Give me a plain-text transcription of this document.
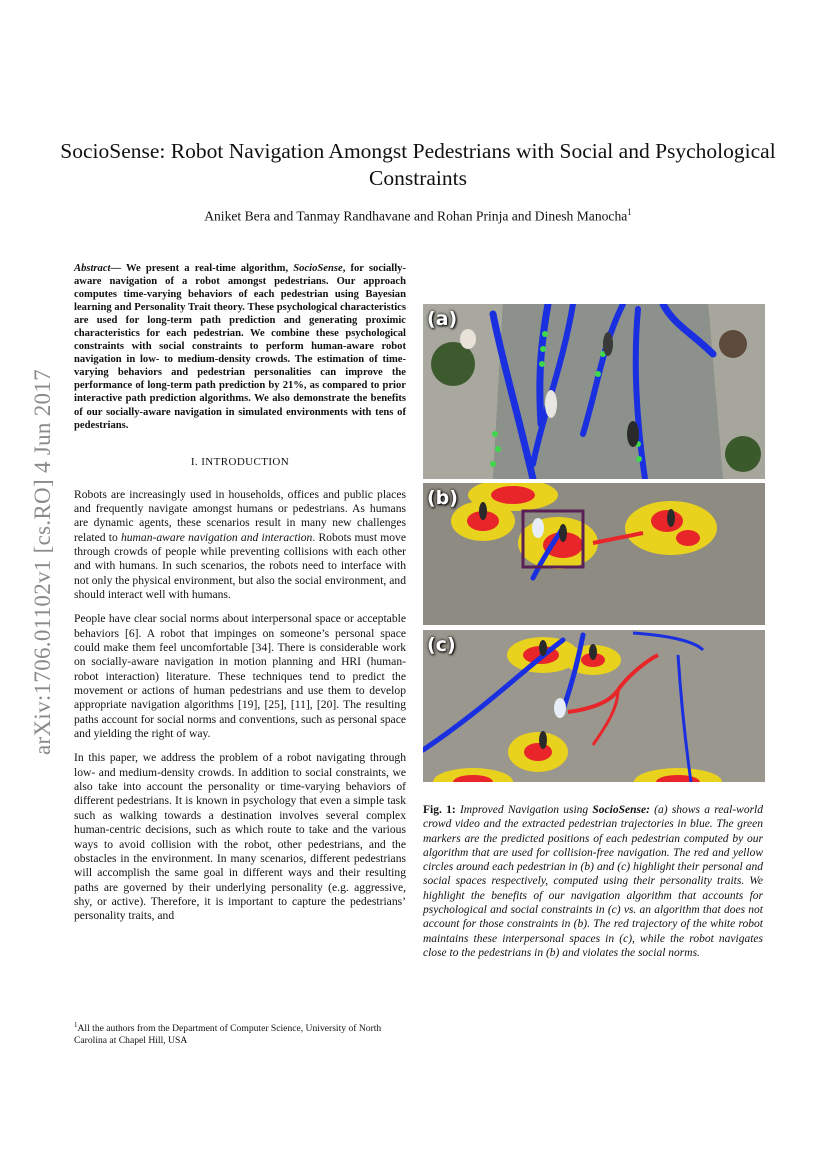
arXiv:1706.01102v1 [cs.RO] 4 Jun 2017
SocioSense: Robot Navigation Amongst Pedestrians with Social and Psychological Constraints
Aniket Bera and Tanmay Randhavane and Rohan Prinja and Dinesh Manocha$^1$

Abstract— We present a real-time algorithm, SocioSense, for socially-aware navigation of a robot amongst pedestrians. Our approach computes time-varying behaviors of each pedestrian using Bayesian learning and Personality Trait theory. These psychological characteristics are used for long-term path prediction and generating proximic characteristics for each pedestrian. We combine these psychological constraints with social constraints to perform human-aware robot navigation in low- to medium-density crowds. The estimation of time-varying behaviors and pedestrian personalities can improve the performance of long-term path prediction by 21%, as compared to prior interactive path prediction algorithms. We also demonstrate the benefits of our socially-aware navigation in simulated environments with tens of pedestrians.

I. INTRODUCTION

Robots are increasingly used in households, offices and public places and frequently navigate amongst humans or pedestrians. As humans are dynamic agents, these scenarios result in many new challenges related to human-aware navigation and interaction. Robots must move through crowds of people while preventing collisions with each other and with humans. In such scenarios, the robots need to interface with not only the physical environment, but also the social environment, and should interact well with humans.

People have clear social norms about interpersonal space or acceptable behaviors [6]. A robot that impinges on someone’s personal space could make them feel uncomfortable [34]. There is considerable work on socially-aware navigation in motion planning and HRI (human-robot interaction) literature. These techniques tend to predict the movement or actions of human pedestrians and use them to develop appropriate navigation algorithms [19], [25], [11], [20]. The resulting paths account for social norms and conventions, such as personal space and yielding the right of way.

In this paper, we address the problem of a robot navigating through low- and medium-density crowds. In addition to social constraints, we also take into account the personality or time-varying behaviors of different pedestrians. It is known in psychology that even a simple task such as walking towards a destination involves several complex human-centric decisions, such as which route to take and the various ways to avoid collision with the robot, other pedestrians, and the obstacles in the environment. In many scenarios, different pedestrians will accomplish the same goal in different ways and their resulting paths are governed by their underlying personality (e.g. aggressive, shy, or active). Therefore, it is important to capture the pedestrians’ personality traits, and

$^1$All the authors from the Department of Computer Science, University of North Carolina at Chapel Hill, USA
(a)
(b)
(c)
Fig. 1: Improved Navigation using SocioSense: (a) shows a real-world crowd video and the extracted pedestrian trajectories in blue. The green markers are the predicted positions of each pedestrian computed by our algorithm that are used for collision-free navigation. The red and yellow circles around each pedestrian in (b) and (c) highlight their personal and social spaces respectively, computed using their personality traits. We highlight the benefits of our navigation algorithm that accounts for psychological and social constraints in (c) vs. an algorithm that does not account for those constraints in (b). The red trajectory of the white robot maintains these interpersonal spaces in (c), while the robot navigates close to the pedestrians in (b) and violates the social norms.
